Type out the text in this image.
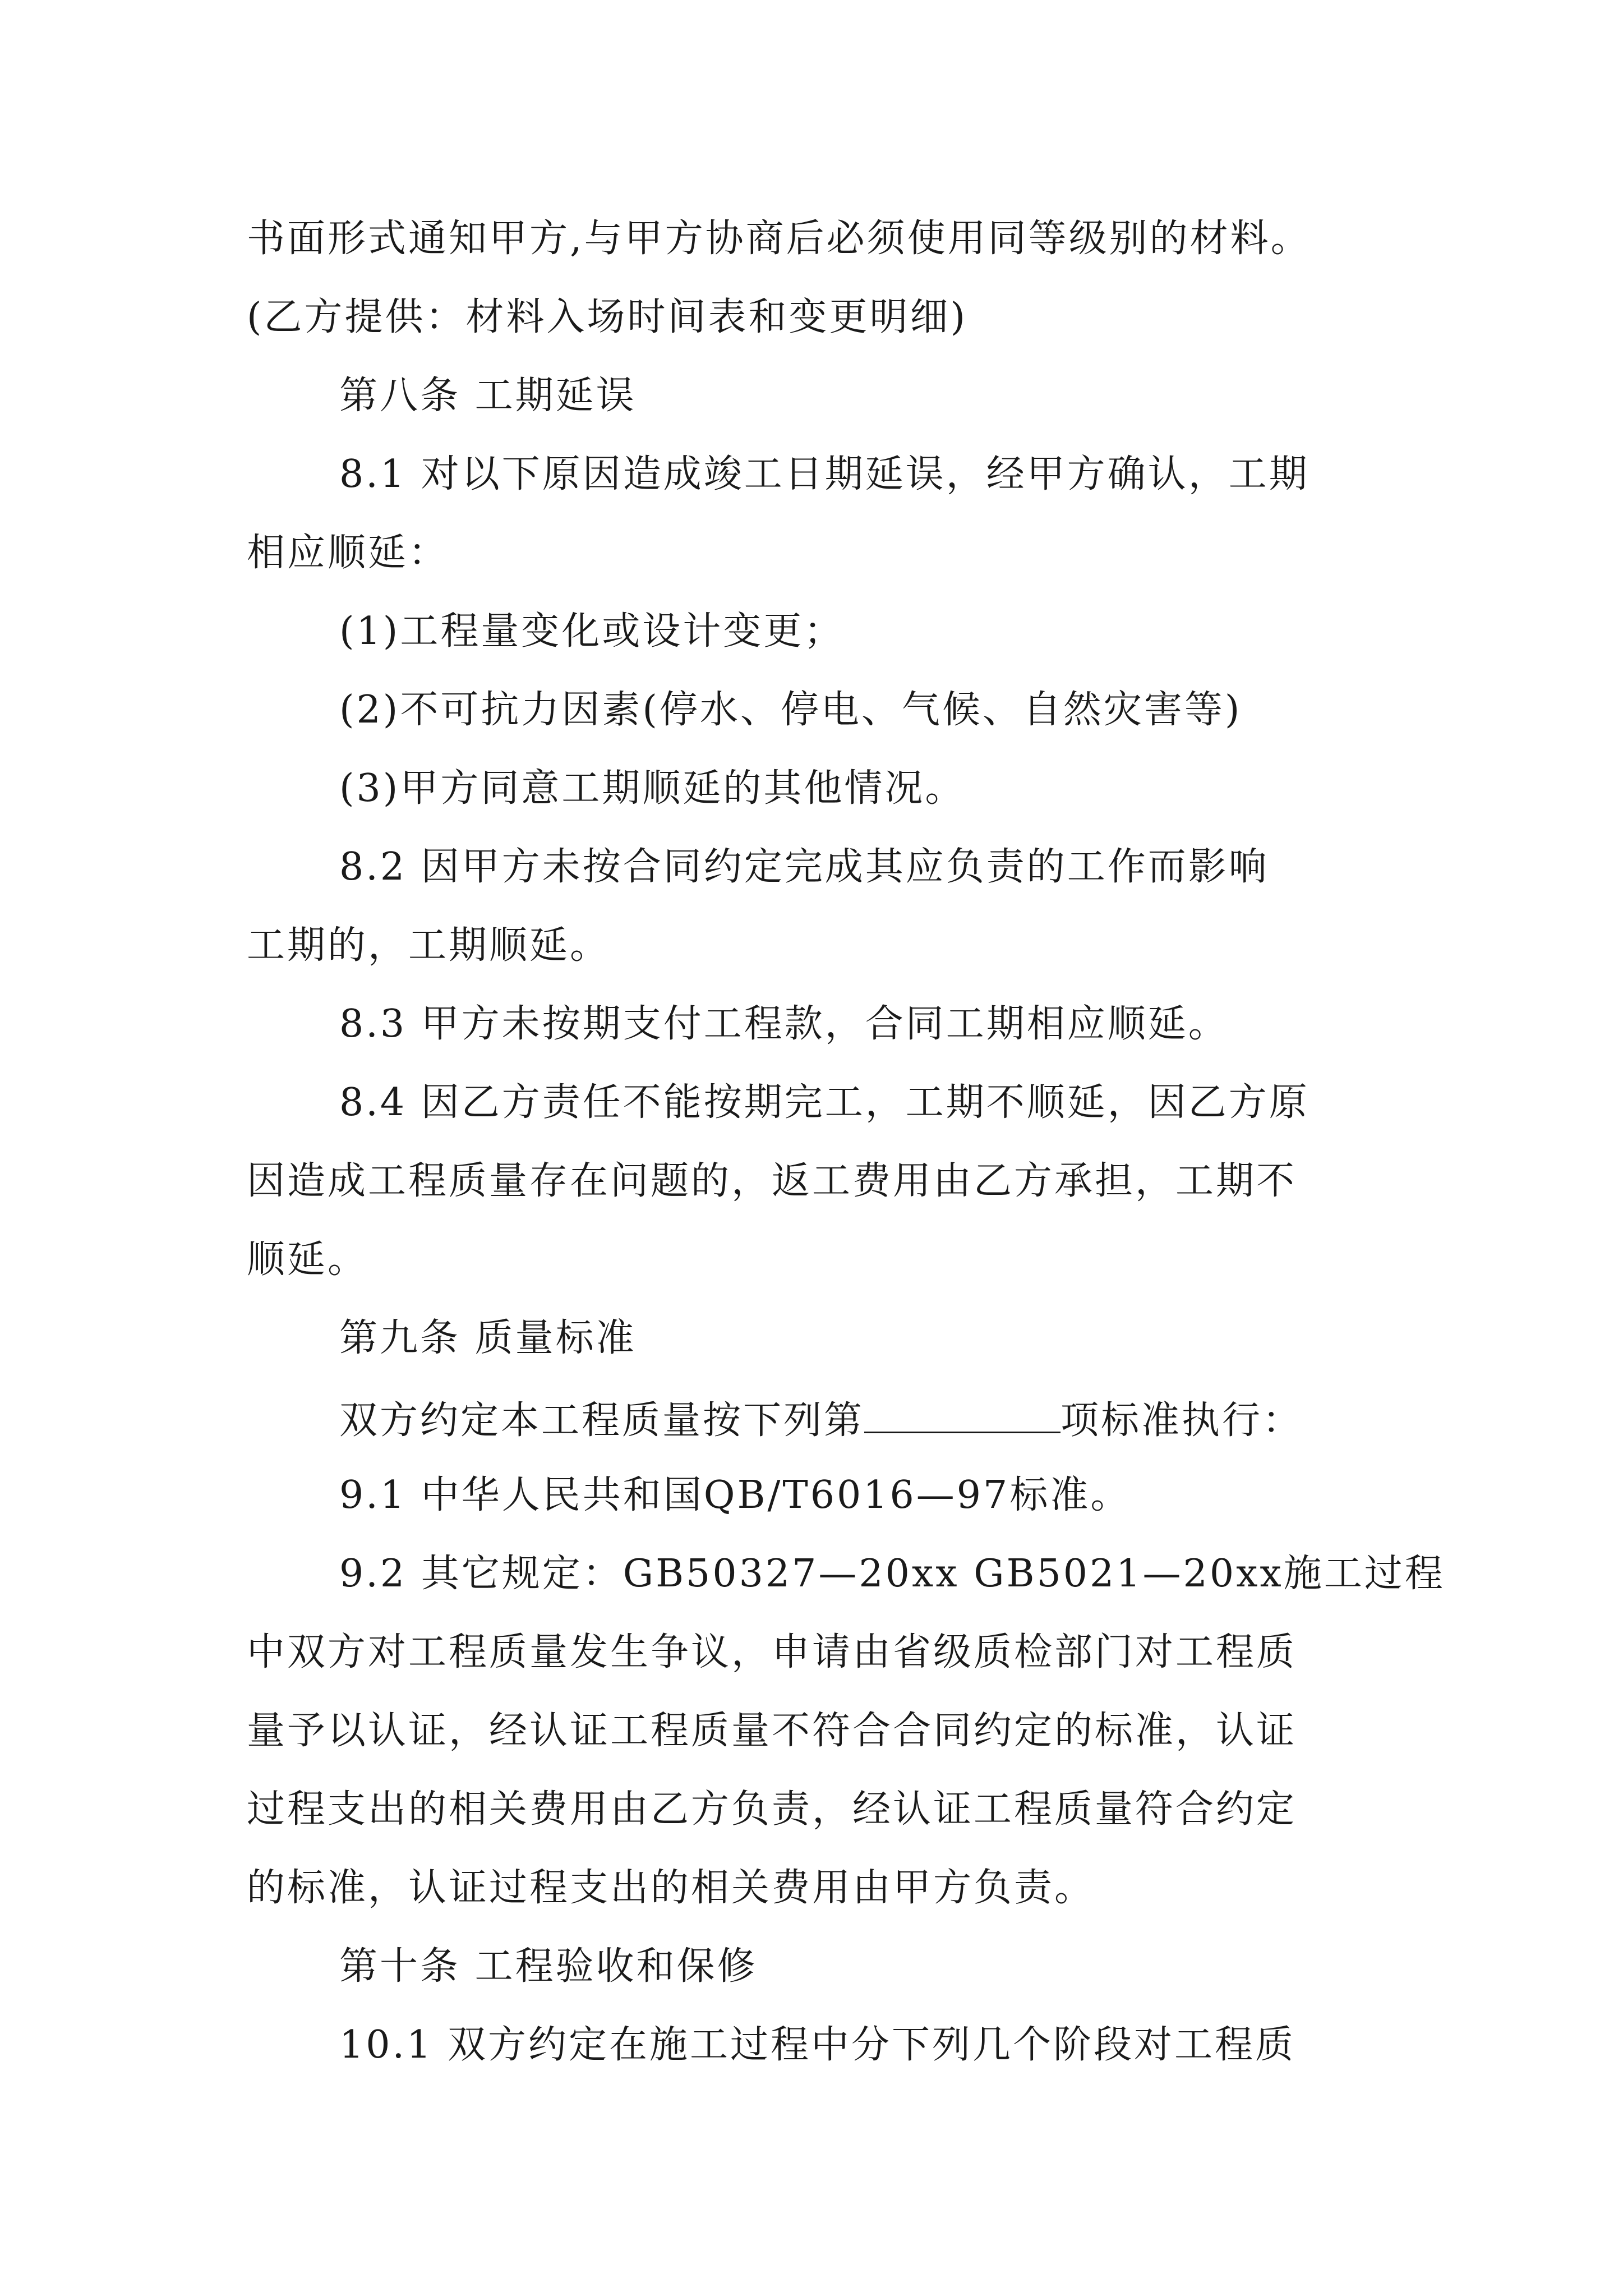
书面形式通知甲方,与甲方协商后必须使用同等级别的材料。
(乙方提供：材料入场时间表和变更明细)
第八条 工期延误
8.1 对以下原因造成竣工日期延误，经甲方确认，工期
相应顺延：
(1)工程量变化或设计变更；
(2)不可抗力因素(停水、停电、气候、自然灾害等)
(3)甲方同意工期顺延的其他情况。
8.2 因甲方未按合同约定完成其应负责的工作而影响
工期的，工期顺延。
8.3 甲方未按期支付工程款，合同工期相应顺延。
8.4 因乙方责任不能按期完工，工期不顺延，因乙方原
因造成工程质量存在问题的，返工费用由乙方承担，工期不
顺延。
第九条 质量标准
双方约定本工程质量按下列第	项标准执行：
9.1 中华人民共和国QB/T6016—97标准。
9.2 其它规定：GB50327—20xx GB5021—20xx施工过程
中双方对工程质量发生争议，申请由省级质检部门对工程质
量予以认证，经认证工程质量不符合合同约定的标准，认证
过程支出的相关费用由乙方负责，经认证工程质量符合约定
的标准，认证过程支出的相关费用由甲方负责。
第十条 工程验收和保修
10.1 双方约定在施工过程中分下列几个阶段对工程质
